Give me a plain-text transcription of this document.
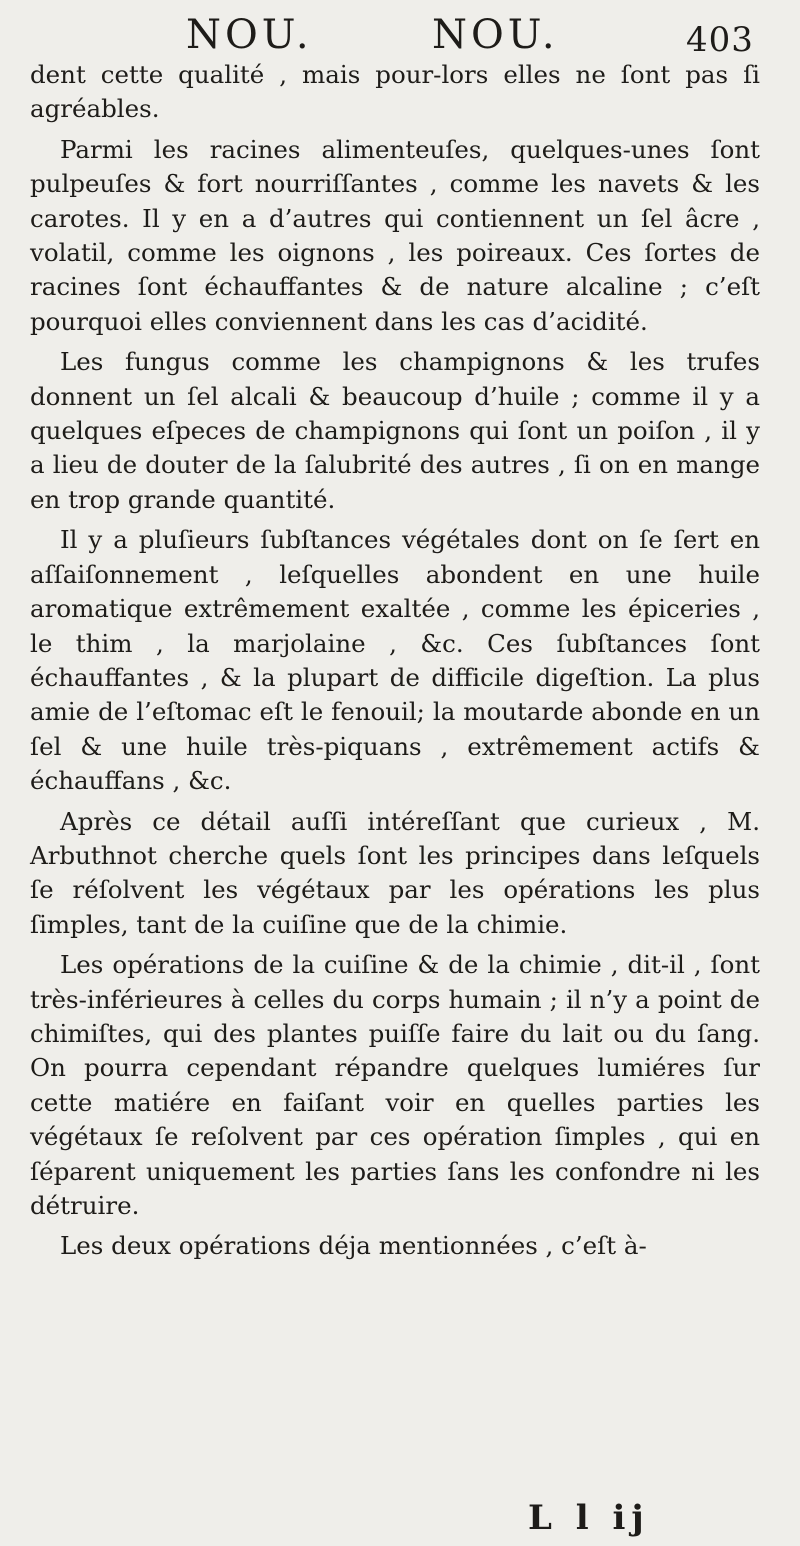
NOU.	NOU.	403

dent cette qualité , mais pour-lors elles ne ſont pas ſi agréables.

Parmi les racines alimenteuſes, quelques-unes ſont pulpeuſes & fort nourriſſantes , comme les navets & les carotes. Il y en a d’autres qui contiennent un ſel âcre , volatil, comme les oignons , les poireaux. Ces ſortes de racines ſont échauffantes & de nature alcaline ; c’eſt pourquoi elles conviennent dans les cas d’acidité.

Les fungus comme les champignons & les trufes donnent un ſel alcali & beaucoup d’huile ; comme il y a quelques eſpeces de champignons qui ſont un poiſon , il y a lieu de douter de la ſalubrité des autres , ſi on en mange en trop grande quantité.

Il y a pluſieurs ſubſtances végétales dont on ſe ſert en aſſaiſonnement , leſquelles abondent en une huile aromatique extrêmement exaltée , comme les épiceries , le thim , la marjolaine , &c. Ces ſubſtances ſont échauffantes , & la plupart de difficile digeſtion. La plus amie de l’eſtomac eſt le fenouil; la moutarde abonde en un ſel & une huile très-piquans , extrêmement actifs & échauffans , &c.

Après ce détail auſſi intéreſſant que curieux , M. Arbuthnot cherche quels ſont les principes dans leſquels ſe réſolvent les végétaux par les opérations les plus ſimples, tant de la cuiſine que de la chimie.

Les opérations de la cuiſine & de la chimie , dit-il , ſont très-inférieures à celles du corps humain ; il n’y a point de chimiſtes, qui des plantes puiſſe faire du lait ou du ſang. On pourra cependant répandre quelques lumiéres ſur cette matiére en faiſant voir en quelles parties les végétaux ſe reſolvent par ces opération ſimples , qui en ſéparent uniquement les parties ſans les confondre ni les détruire.

Les deux opérations déja mentionnées , c’eſt à-

L l ij
